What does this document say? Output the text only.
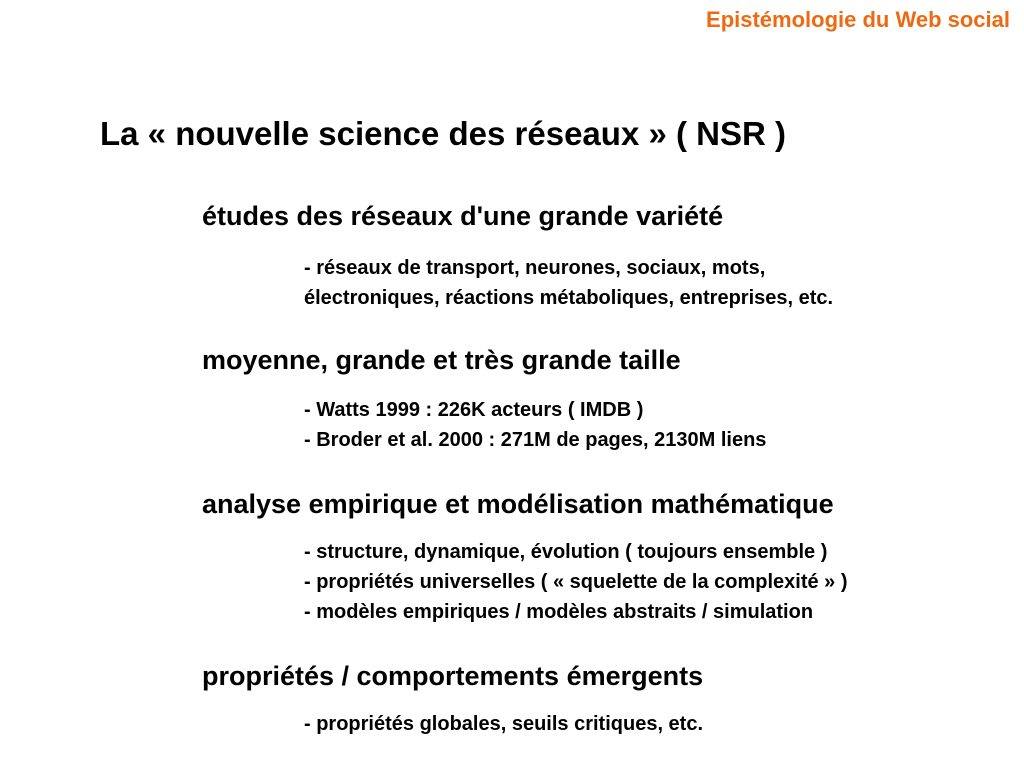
Epistémologie du Web social
La « nouvelle science des réseaux » ( NSR )
études des réseaux d'une grande variété
- réseaux de transport, neurones, sociaux, mots,
électroniques, réactions métaboliques, entreprises, etc.
moyenne, grande et très grande taille
- Watts 1999 : 226K acteurs ( IMDB )
- Broder et al. 2000 : 271M de pages, 2130M liens
analyse empirique et modélisation mathématique
- structure, dynamique, évolution ( toujours ensemble )
- propriétés universelles ( « squelette de la complexité » )
- modèles empiriques / modèles abstraits / simulation
propriétés / comportements émergents
- propriétés globales, seuils critiques, etc.
